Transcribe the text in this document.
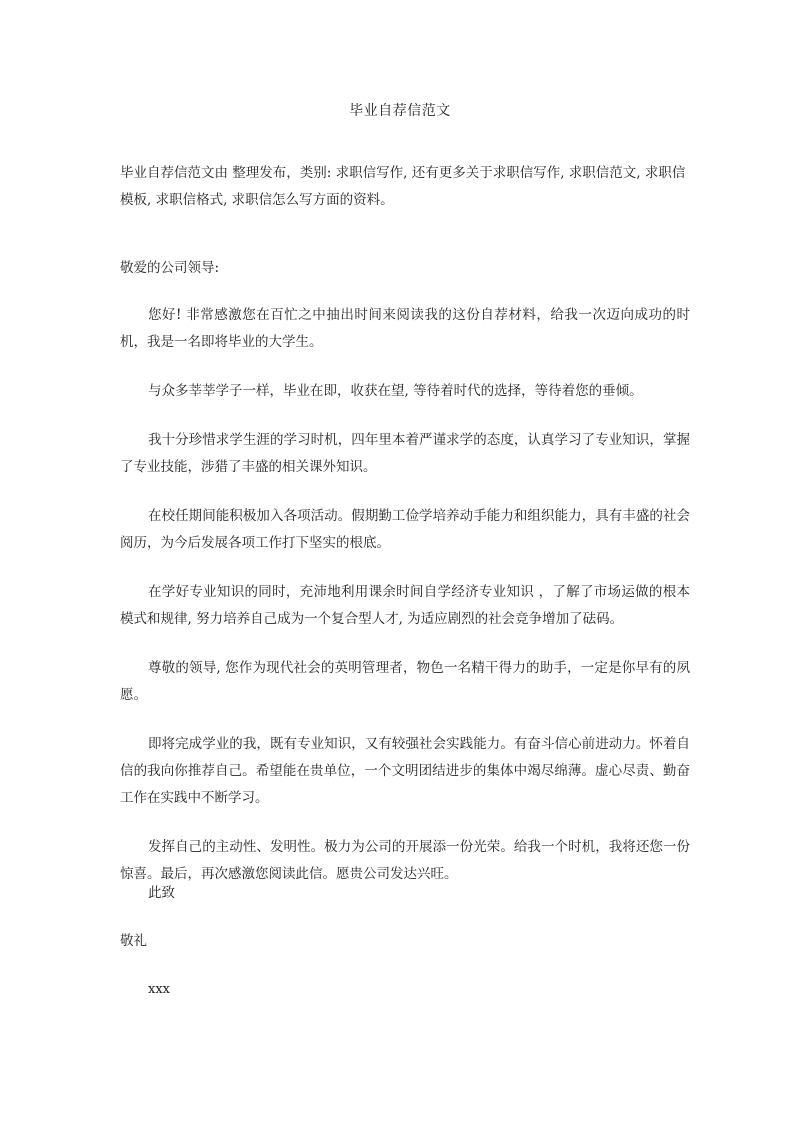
毕业自荐信范文

毕业自荐信范文由 整理发布，类别: 求职信写作, 还有更多关于求职信写作, 求职信范文, 求职信模板, 求职信格式, 求职信怎么写方面的资料。

敬爱的公司领导:

您好! 非常感激您在百忙之中抽出时间来阅读我的这份自荐材料，给我一次迈向成功的时机，我是一名即将毕业的大学生。

与众多莘莘学子一样，毕业在即，收获在望, 等待着时代的选择，等待着您的垂倾。

我十分珍惜求学生涯的学习时机，四年里本着严谨求学的态度，认真学习了专业知识，掌握了专业技能，涉猎了丰盛的相关课外知识。

在校任期间能积极加入各项活动。假期勤工俭学培养动手能力和组织能力，具有丰盛的社会阅历，为今后发展各项工作打下坚实的根底。

在学好专业知识的同时，充沛地利用课余时间自学经济专业知识 ，了解了市场运做的根本模式和规律, 努力培养自己成为一个复合型人才, 为适应剧烈的社会竞争增加了砝码。

尊敬的领导, 您作为现代社会的英明管理者，物色一名精干得力的助手，一定是你早有的夙愿。

即将完成学业的我，既有专业知识，又有较强社会实践能力。有奋斗信心前进动力。怀着自信的我向你推荐自己。希望能在贵单位，一个文明团结进步的集体中竭尽绵薄。虚心尽责、勤奋工作在实践中不断学习。

发挥自己的主动性、发明性。极力为公司的开展添一份光荣。给我一个时机，我将还您一份惊喜。最后，再次感激您阅读此信。愿贵公司发达兴旺。

此致

敬礼

xxx
